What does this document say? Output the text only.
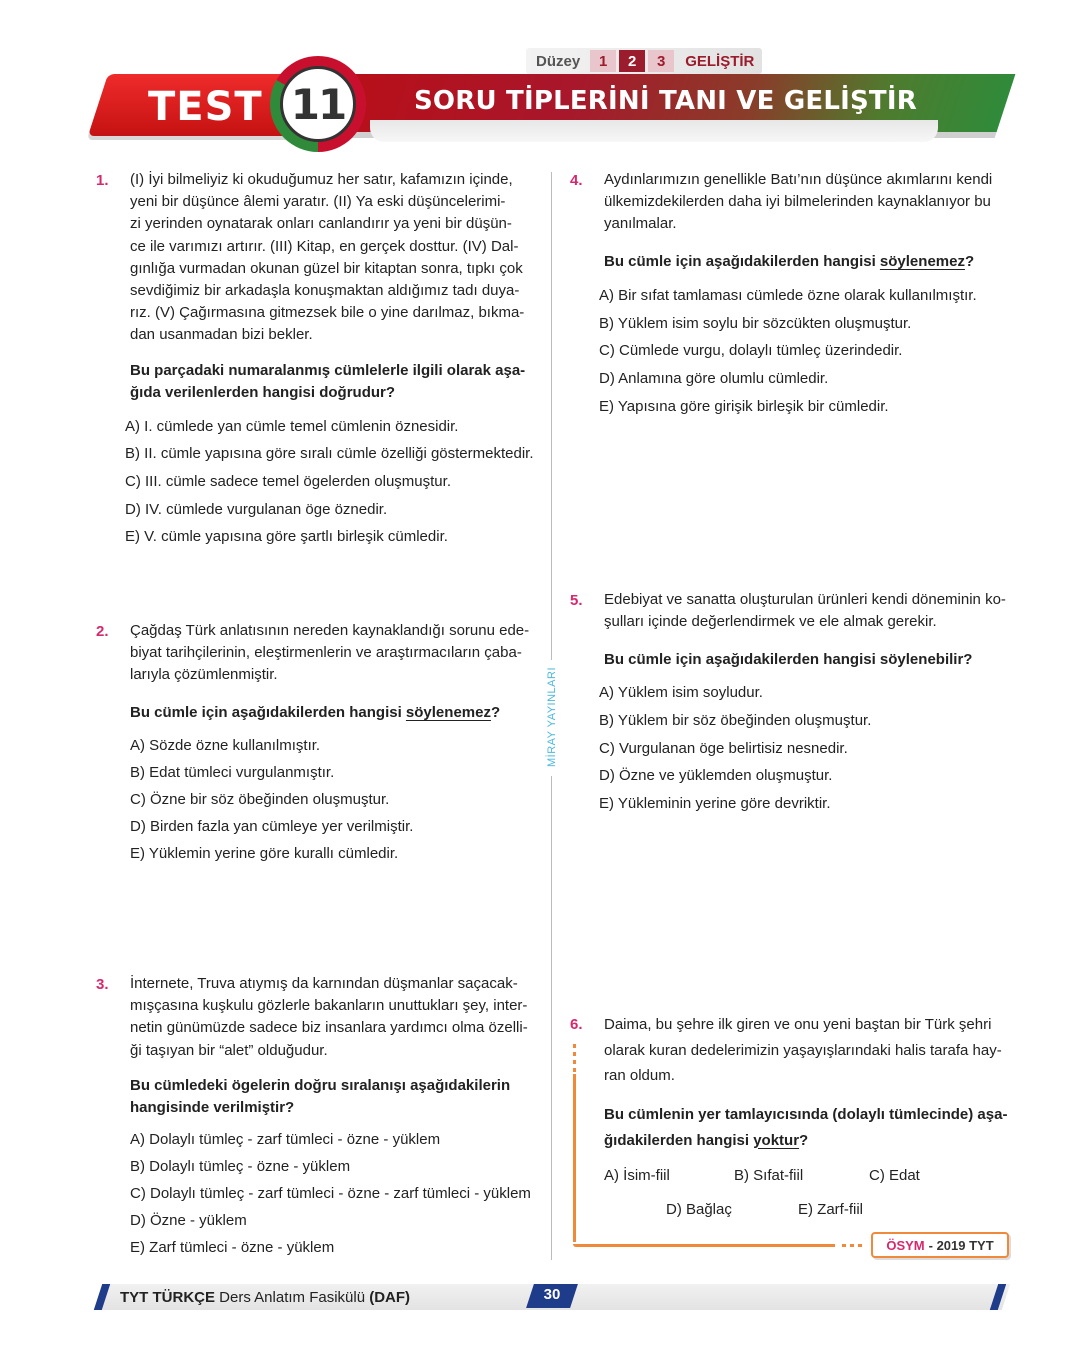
Düzey	1	2	3	GELİŞTİR
TEST 11	SORU TİPLERİNİ TANI VE GELİŞTİR
MİRAY YAYINLARI
1. (I) İyi bilmeliyiz ki okuduğumuz her satır, kafamızın içinde,
yeni bir düşünce âlemi yaratır. (II) Ya eski düşüncelerimi-
zi yerinden oynatarak onları canlandırır ya yeni bir düşün-
ce ile varımızı artırır. (III) Kitap, en gerçek dosttur. (IV) Dal-
gınlığa vurmadan okunan güzel bir kitaptan sonra, tıpkı çok
sevdiğimiz bir arkadaşla konuşmaktan aldığımız tadı duya-
rız. (V) Çağırmasına gitmezsek bile o yine darılmaz, bıkma-
dan usanmadan bizi bekler.
Bu parçadaki numaralanmış cümlelerle ilgili olarak aşa-
ğıda verilenlerden hangisi doğrudur?
A) I. cümlede yan cümle temel cümlenin öznesidir.
B) II. cümle yapısına göre sıralı cümle özelliği göstermektedir.
C) III. cümle sadece temel ögelerden oluşmuştur.
D) IV. cümlede vurgulanan öge öznedir.
E) V. cümle yapısına göre şartlı birleşik cümledir.
2. Çağdaş Türk anlatısının nereden kaynaklandığı sorunu ede-
biyat tarihçilerinin, eleştirmenlerin ve araştırmacıların çaba-
larıyla çözümlenmiştir.
Bu cümle için aşağıdakilerden hangisi söylenemez?
A) Sözde özne kullanılmıştır.
B) Edat tümleci vurgulanmıştır.
C) Özne bir söz öbeğinden oluşmuştur.
D) Birden fazla yan cümleye yer verilmiştir.
E) Yüklemin yerine göre kurallı cümledir.
3. İnternete, Truva atıymış da karnından düşmanlar saçacak-
mışçasına kuşkulu gözlerle bakanların unuttukları şey, inter-
netin günümüzde sadece biz insanlara yardımcı olma özelli-
ği taşıyan bir “alet” olduğudur.
Bu cümledeki ögelerin doğru sıralanışı aşağıdakilerin
hangisinde verilmiştir?
A) Dolaylı tümleç - zarf tümleci - özne - yüklem
B) Dolaylı tümleç - özne - yüklem
C) Dolaylı tümleç - zarf tümleci - özne - zarf tümleci - yüklem
D) Özne - yüklem
E) Zarf tümleci - özne - yüklem
4. Aydınlarımızın genellikle Batı’nın düşünce akımlarını kendi
ülkemizdekilerden daha iyi bilmelerinden kaynaklanıyor bu
yanılmalar.
Bu cümle için aşağıdakilerden hangisi söylenemez?
A) Bir sıfat tamlaması cümlede özne olarak kullanılmıştır.
B) Yüklem isim soylu bir sözcükten oluşmuştur.
C) Cümlede vurgu, dolaylı tümleç üzerindedir.
D) Anlamına göre olumlu cümledir.
E) Yapısına göre girişik birleşik bir cümledir.
5. Edebiyat ve sanatta oluşturulan ürünleri kendi döneminin ko-
şulları içinde değerlendirmek ve ele almak gerekir.
Bu cümle için aşağıdakilerden hangisi söylenebilir?
A) Yüklem isim soyludur.
B) Yüklem bir söz öbeğinden oluşmuştur.
C) Vurgulanan öge belirtisiz nesnedir.
D) Özne ve yüklemden oluşmuştur.
E) Yükleminin yerine göre devriktir.
6. Daima, bu şehre ilk giren ve onu yeni baştan bir Türk şehri
olarak kuran dedelerimizin yaşayışlarındaki halis tarafa hay-
ran oldum.
Bu cümlenin yer tamlayıcısında (dolaylı tümlecinde) aşa-
ğıdakilerden hangisi yoktur?
A) İsim-fiil	B) Sıfat-fiil	C) Edat
D) Bağlaç	E) Zarf-fiil
ÖSYM - 2019 TYT
TYT TÜRKÇE Ders Anlatım Fasikülü (DAF)	30
